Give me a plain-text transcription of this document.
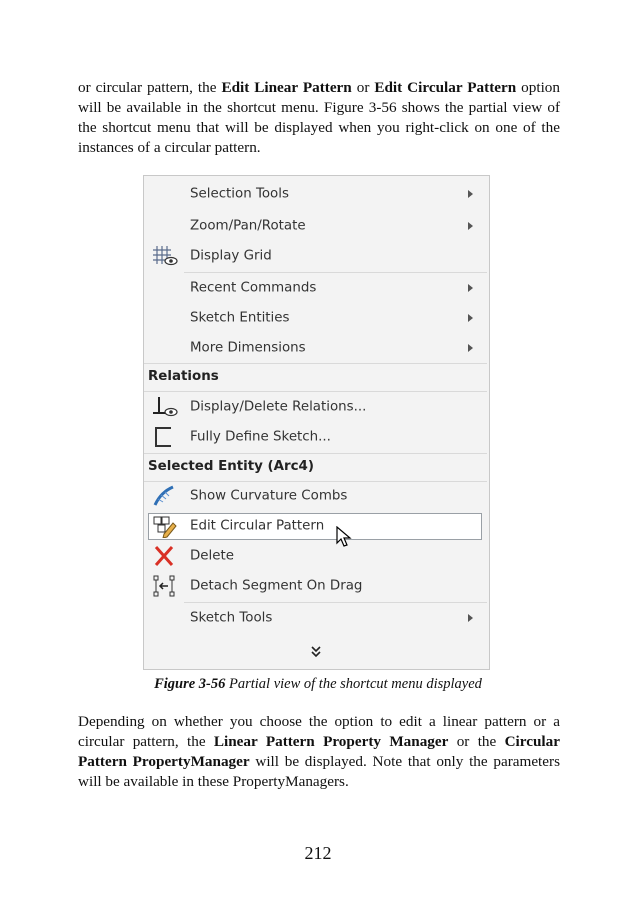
or circular pattern, the Edit Linear Pattern or Edit Circular Pattern option will be available in the shortcut menu. Figure 3-56 shows the partial view of the shortcut menu that will be displayed when you right-click on one of the instances of a circular pattern.
Selection Tools
Zoom/Pan/Rotate
Display Grid
Recent Commands
Sketch Entities
More Dimensions
Relations
Display/Delete Relations...
Fully Define Sketch...
Selected Entity (Arc4)
Show Curvature Combs
Edit Circular Pattern
Delete
Detach Segment On Drag
Sketch Tools
Figure 3-56 Partial view of the shortcut menu displayed
Depending on whether you choose the option to edit a linear pattern or a circular pattern, the Linear Pattern Property Manager or the Circular Pattern PropertyManager will be displayed. Note that only the parameters will be available in these PropertyManagers.
212
